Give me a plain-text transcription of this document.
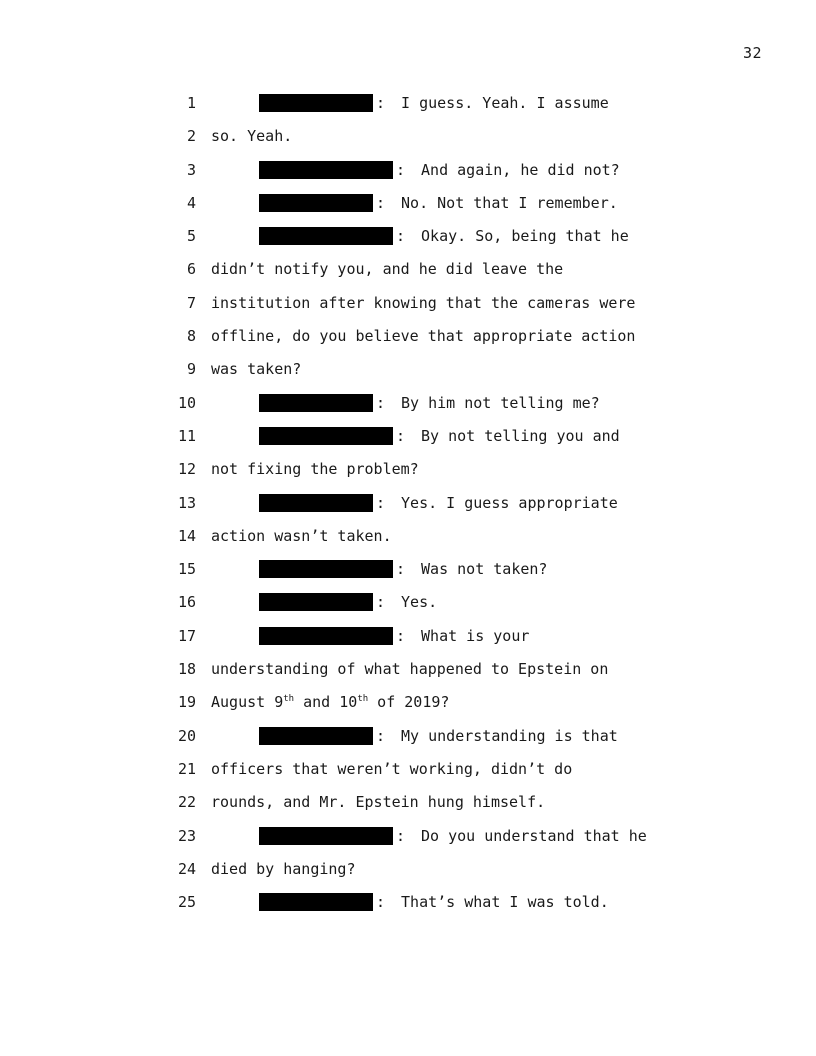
32
1	: I guess. Yeah. I assume
2 so. Yeah.
3	: And again, he did not?
4	: No. Not that I remember.
5	: Okay. So, being that he
6 didn’t notify you, and he did leave the
7 institution after knowing that the cameras were
8 offline, do you believe that appropriate action
9 was taken?
10	: By him not telling me?
11	: By not telling you and
12 not fixing the problem?
13	: Yes. I guess appropriate
14 action wasn’t taken.
15	: Was not taken?
16	: Yes.
17	: What is your
18 understanding of what happened to Epstein on
19 August 9th and 10th of 2019?
20	: My understanding is that
21 officers that weren’t working, didn’t do
22 rounds, and Mr. Epstein hung himself.
23	: Do you understand that he
24 died by hanging?
25	: That’s what I was told.
